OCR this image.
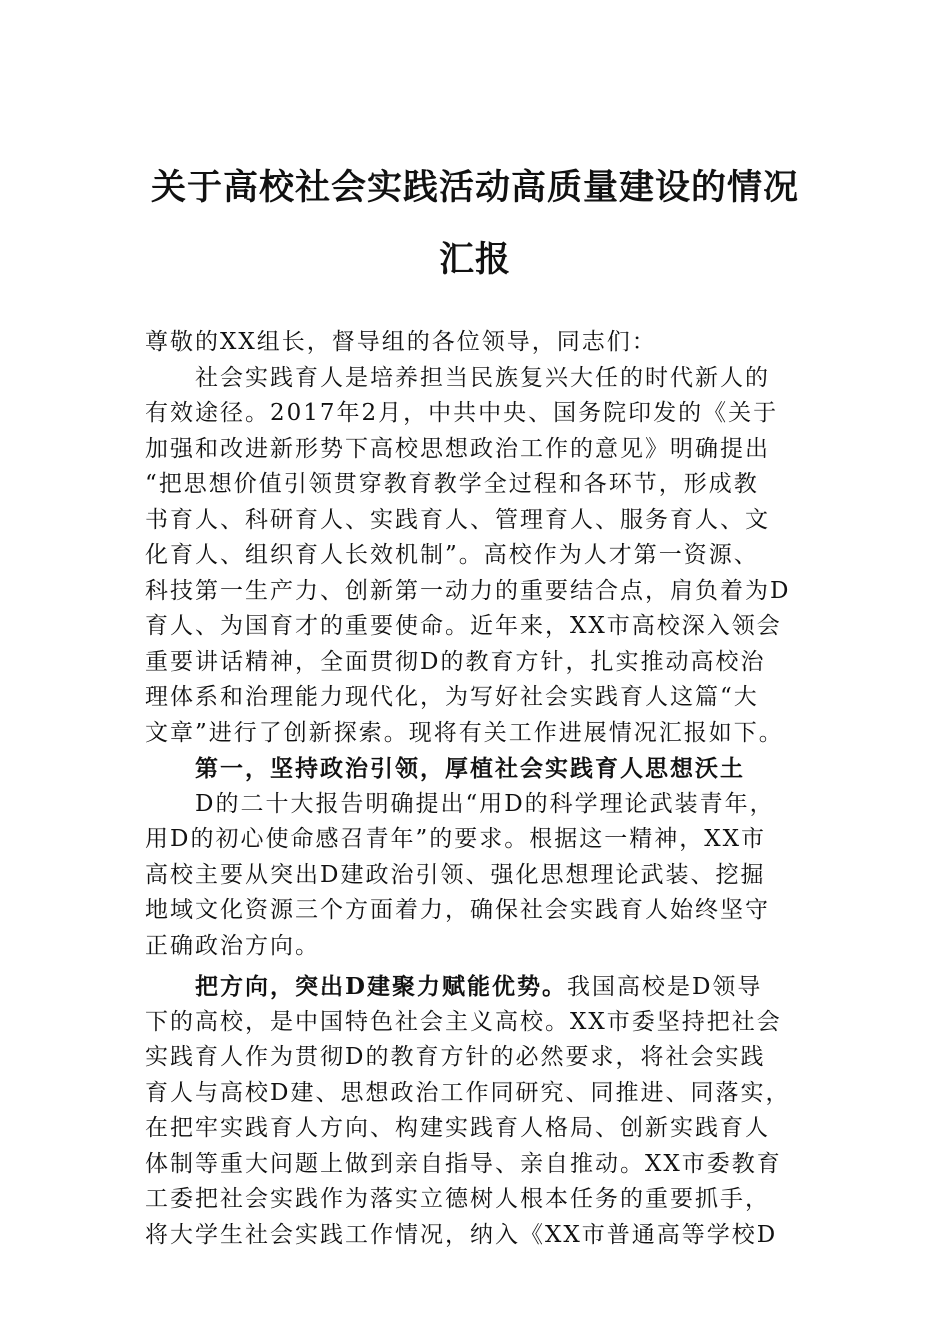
关于高校社会实践活动高质量建设的情况
汇报
尊敬的XX组长，督导组的各位领导，同志们：
社会实践育人是培养担当民族复兴大任的时代新人的
有效途径。2017年2月，中共中央、国务院印发的《关于
加强和改进新形势下高校思想政治工作的意见》明确提出
“把思想价值引领贯穿教育教学全过程和各环节，形成教
书育人、科研育人、实践育人、管理育人、服务育人、文
化育人、组织育人长效机制”。高校作为人才第一资源、
科技第一生产力、创新第一动力的重要结合点，肩负着为D
育人、为国育才的重要使命。近年来，XX市高校深入领会
重要讲话精神，全面贯彻D的教育方针，扎实推动高校治
理体系和治理能力现代化，为写好社会实践育人这篇“大
文章”进行了创新探索。现将有关工作进展情况汇报如下。
第一，坚持政治引领，厚植社会实践育人思想沃土
D的二十大报告明确提出“用D的科学理论武装青年，
用D的初心使命感召青年”的要求。根据这一精神，XX市
高校主要从突出D建政治引领、强化思想理论武装、挖掘
地域文化资源三个方面着力，确保社会实践育人始终坚守
正确政治方向。
把方向，突出D建聚力赋能优势。我国高校是D领导
下的高校，是中国特色社会主义高校。XX市委坚持把社会
实践育人作为贯彻D的教育方针的必然要求，将社会实践
育人与高校D建、思想政治工作同研究、同推进、同落实，
在把牢实践育人方向、构建实践育人格局、创新实践育人
体制等重大问题上做到亲自指导、亲自推动。XX市委教育
工委把社会实践作为落实立德树人根本任务的重要抓手，
将大学生社会实践工作情况，纳入《XX市普通高等学校D
